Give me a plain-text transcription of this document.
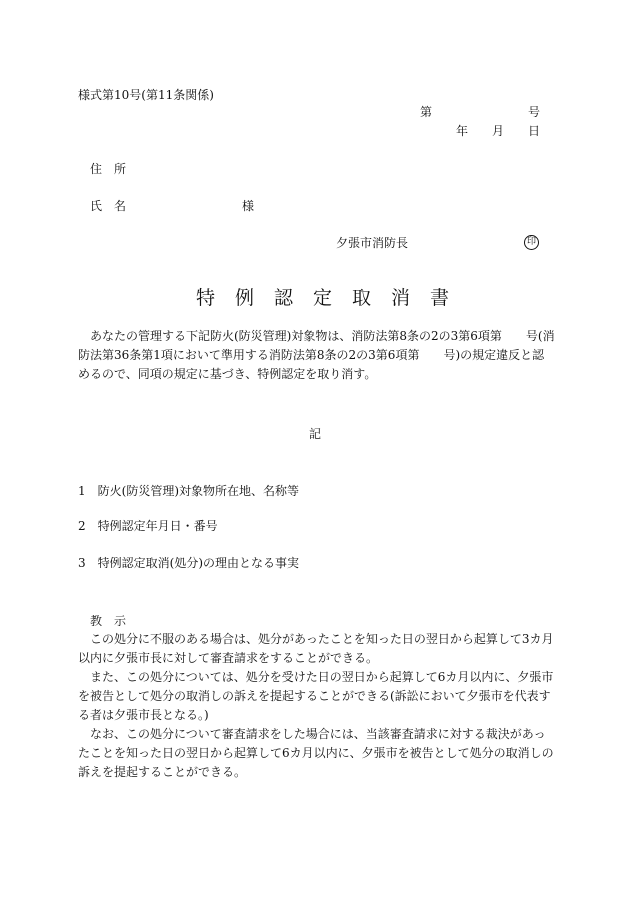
様式第10号(第11条関係)
第	号
年 月 日
住　所
氏　名	様
夕張市消防長	印
特例認定取消書

あなたの管理する下記防火(防災管理)対象物は、消防法第8条の2の3第6項第　　号(消防法第36条第1項において準用する消防法第8条の2の3第6項第　　号)の規定違反と認めるので、同項の規定に基づき、特例認定を取り消す。

記
1　防火(防災管理)対象物所在地、名称等
2　特例認定年月日・番号
3　特例認定取消(処分)の理由となる事実
教　示

この処分に不服のある場合は、処分があったことを知った日の翌日から起算して3カ月以内に夕張市長に対して審査請求をすることができる。

また、この処分については、処分を受けた日の翌日から起算して6カ月以内に、夕張市を被告として処分の取消しの訴えを提起することができる(訴訟において夕張市を代表する者は夕張市長となる。)

なお、この処分について審査請求をした場合には、当該審査請求に対する裁決があったことを知った日の翌日から起算して6カ月以内に、夕張市を被告として処分の取消しの訴えを提起することができる。
